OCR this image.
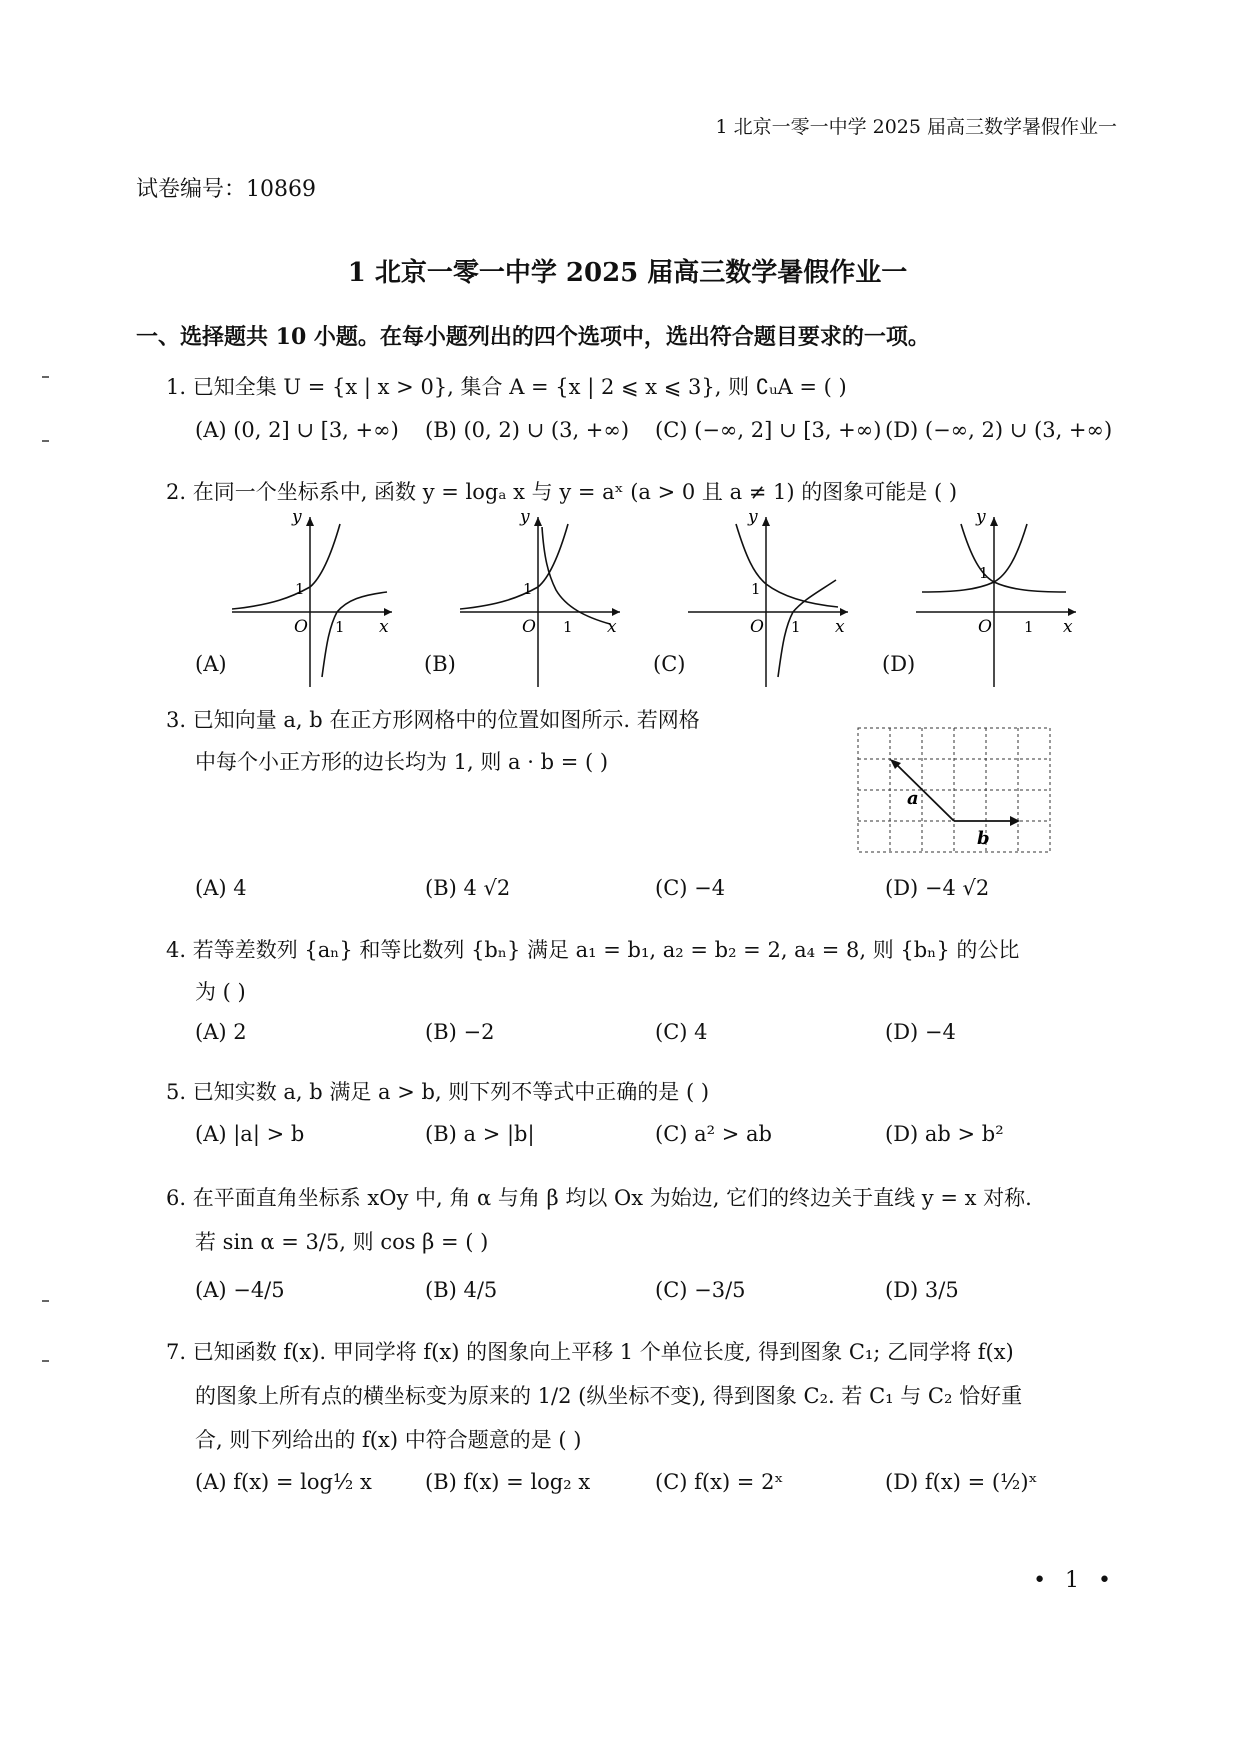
1 北京一零一中学 2025 届高三数学暑假作业一
试卷编号：10869
1 北京一零一中学 2025 届高三数学暑假作业一
一、选择题共 10 小题。在每小题列出的四个选项中，选出符合题目要求的一项。
1. 已知全集 U = {x | x > 0}, 集合 A = {x | 2 ⩽ x ⩽ 3}, 则 ∁ᵤA = ( )
(A) (0, 2] ∪ [3, +∞) (B) (0, 2) ∪ (3, +∞) (C) (−∞, 2] ∪ [3, +∞) (D) (−∞, 2) ∪ (3, +∞)
2. 在同一个坐标系中, 函数 y = logₐ x 与 y = aˣ (a > 0 且 a ≠ 1) 的图象可能是 ( )
y
1
O 1 x
y
1
O 1 x
y
1
O 1 x
y
1
O 1 x
(A)	(B)	(C)	(D)
3. 已知向量 a, b 在正方形网格中的位置如图所示. 若网格
中每个小正方形的边长均为 1, 则 a · b = ( )
a
b
(A) 4	(B) 4 √2	(C) −4	(D) −4 √2
4. 若等差数列 {aₙ} 和等比数列 {bₙ} 满足 a₁ = b₁, a₂ = b₂ = 2, a₄ = 8, 则 {bₙ} 的公比
为 ( )
(A) 2	(B) −2	(C) 4	(D) −4
5. 已知实数 a, b 满足 a > b, 则下列不等式中正确的是 ( )
(A) |a| > b	(B) a > |b|	(C) a² > ab	(D) ab > b²
6. 在平面直角坐标系 xOy 中, 角 α 与角 β 均以 Ox 为始边, 它们的终边关于直线 y = x 对称.
若 sin α = 3/5, 则 cos β = ( )
(A) −4/5	(B) 4/5	(C) −3/5	(D) 3/5
7. 已知函数 f(x). 甲同学将 f(x) 的图象向上平移 1 个单位长度, 得到图象 C₁; 乙同学将 f(x)
的图象上所有点的横坐标变为原来的 1/2 (纵坐标不变), 得到图象 C₂. 若 C₁ 与 C₂ 恰好重
合, 则下列给出的 f(x) 中符合题意的是 ( )
(A) f(x) = log½ x	(B) f(x) = log₂ x	(C) f(x) = 2ˣ	(D) f(x) = (½)ˣ
• 1 •
